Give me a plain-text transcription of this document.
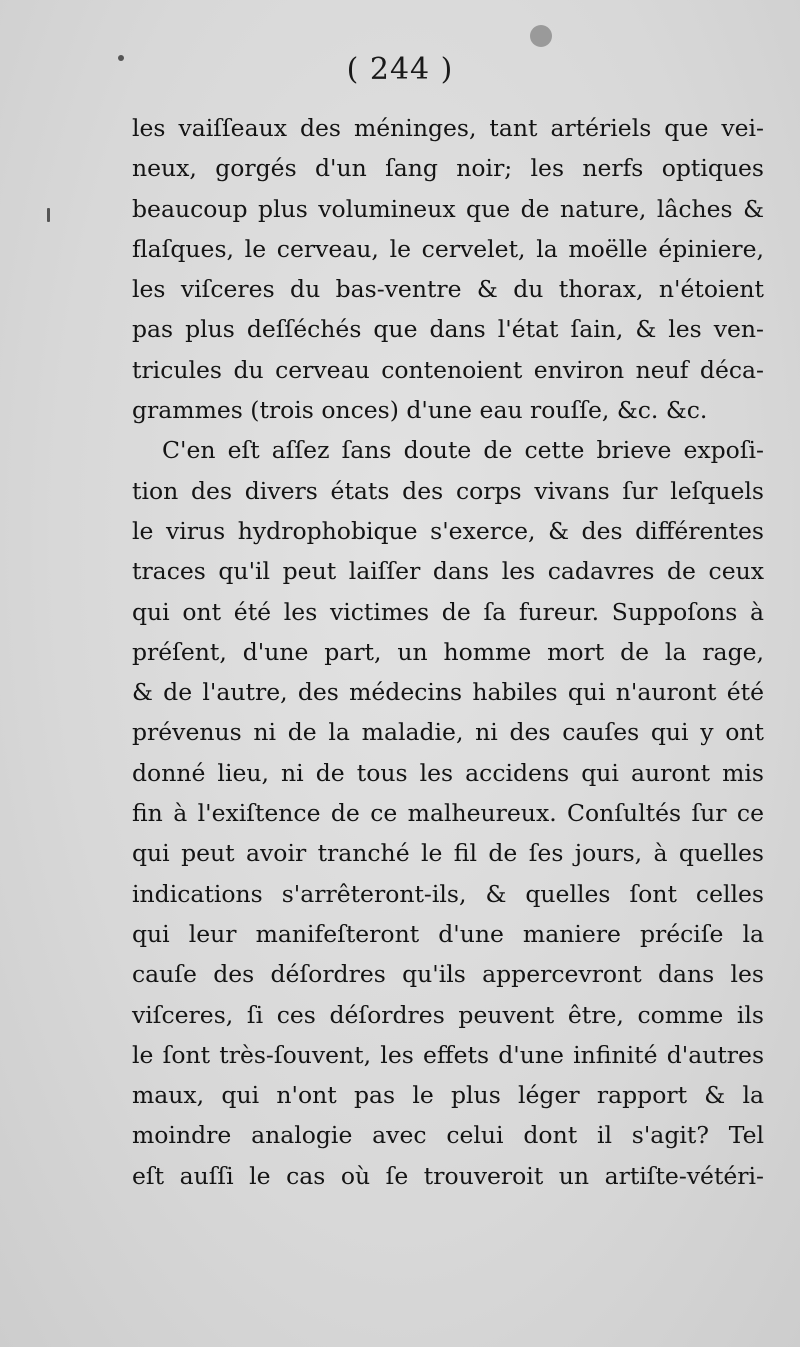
( 244 )
les vaiſſeaux des méninges, tant artériels que vei-
neux, gorgés d'un ſang noir; les nerfs optiques
beaucoup plus volumineux que de nature, lâches &
flaſques, le cerveau, le cervelet, la moëlle épiniere,
les viſceres du bas-ventre & du thorax, n'étoient
pas plus deſſéchés que dans l'état ſain, & les ven-
tricules du cerveau contenoient environ neuf déca-
grammes (trois onces) d'une eau rouſſe, &c. &c.
C'en eſt aſſez ſans doute de cette brieve expoſi-
tion des divers états des corps vivans ſur leſquels
le virus hydrophobique s'exerce, & des différentes
traces qu'il peut laiſſer dans les cadavres de ceux
qui ont été les victimes de ſa fureur. Suppoſons à
préſent, d'une part, un homme mort de la rage,
& de l'autre, des médecins habiles qui n'auront été
prévenus ni de la maladie, ni des cauſes qui y ont
donné lieu, ni de tous les accidens qui auront mis
fin à l'exiſtence de ce malheureux. Conſultés ſur ce
qui peut avoir tranché le fil de ſes jours, à quelles
indications s'arrêteront-ils, & quelles ſont celles
qui leur manifeſteront d'une maniere préciſe la
cauſe des déſordres qu'ils appercevront dans les
viſceres, ſi ces déſordres peuvent être, comme ils
le ſont très-ſouvent, les effets d'une infinité d'autres
maux, qui n'ont pas le plus léger rapport & la
moindre analogie avec celui dont il s'agit? Tel
eſt auſſi le cas où ſe trouveroit un artiſte-vétéri-
